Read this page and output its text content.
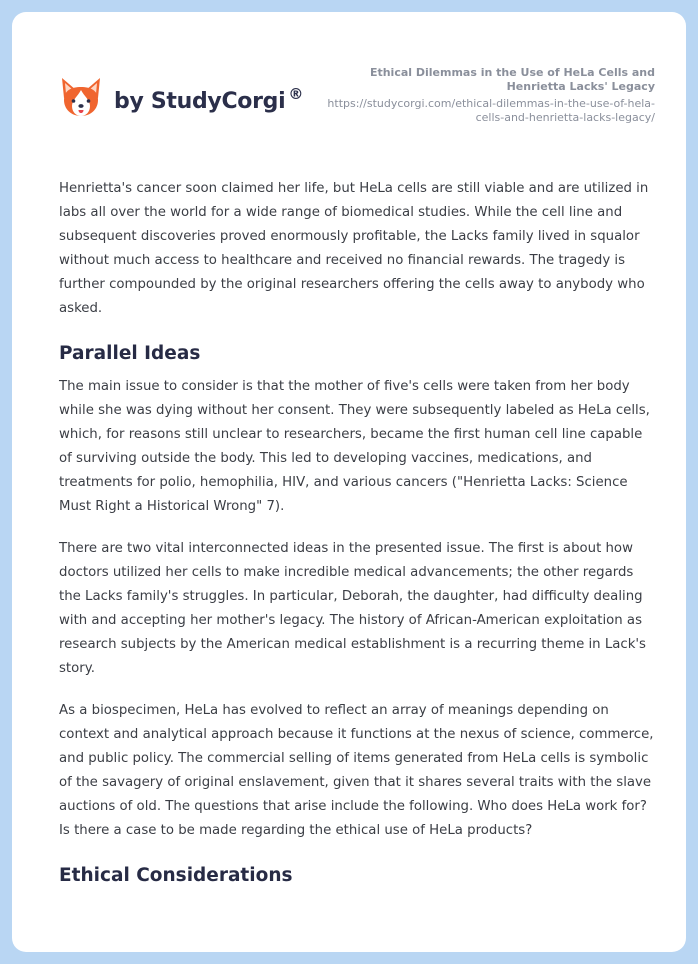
by StudyCorgi ®
Ethical Dilemmas in the Use of HeLa Cells and Henrietta Lacks' Legacy
https://studycorgi.com/ethical-dilemmas-in-the-use-of-hela-cells-and-henrietta-lacks-legacy/

Henrietta's cancer soon claimed her life, but HeLa cells are still viable and are utilized in labs all over the world for a wide range of biomedical studies. While the cell line and subsequent discoveries proved enormously profitable, the Lacks family lived in squalor without much access to healthcare and received no financial rewards. The tragedy is further compounded by the original researchers offering the cells away to anybody who asked.

Parallel Ideas

The main issue to consider is that the mother of five's cells were taken from her body while she was dying without her consent. They were subsequently labeled as HeLa cells, which, for reasons still unclear to researchers, became the first human cell line capable of surviving outside the body. This led to developing vaccines, medications, and treatments for polio, hemophilia, HIV, and various cancers ("Henrietta Lacks: Science Must Right a Historical Wrong" 7).

There are two vital interconnected ideas in the presented issue. The first is about how doctors utilized her cells to make incredible medical advancements; the other regards the Lacks family's struggles. In particular, Deborah, the daughter, had difficulty dealing with and accepting her mother's legacy. The history of African-American exploitation as research subjects by the American medical establishment is a recurring theme in Lack's story.

As a biospecimen, HeLa has evolved to reflect an array of meanings depending on context and analytical approach because it functions at the nexus of science, commerce, and public policy. The commercial selling of items generated from HeLa cells is symbolic of the savagery of original enslavement, given that it shares several traits with the slave auctions of old. The questions that arise include the following. Who does HeLa work for? Is there a case to be made regarding the ethical use of HeLa products?

Ethical Considerations
